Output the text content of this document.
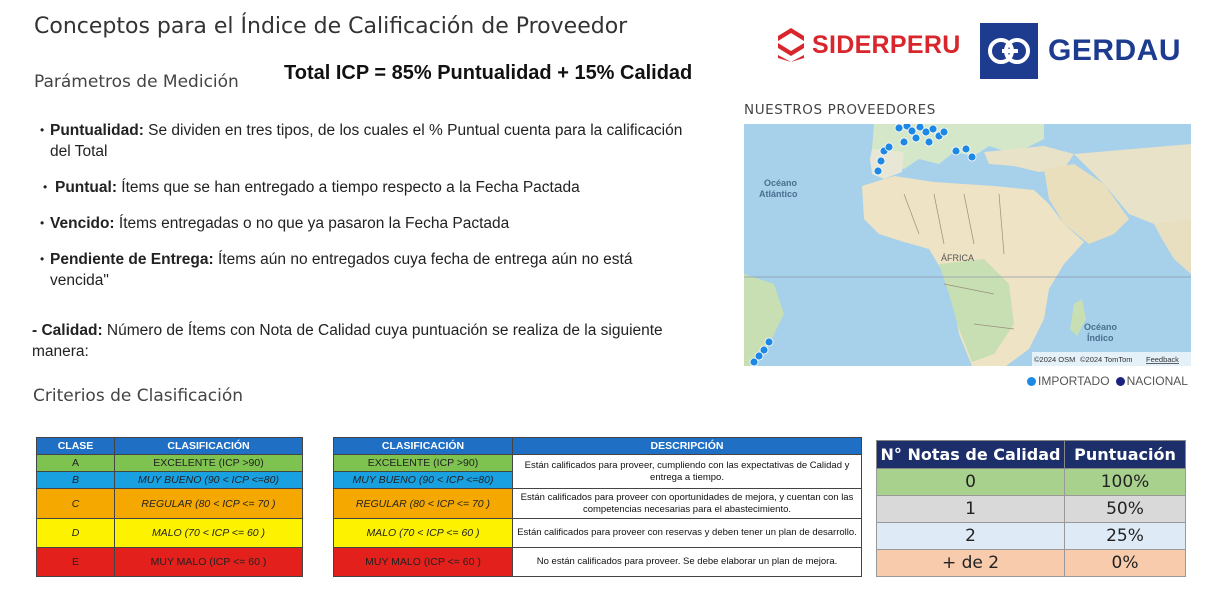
Conceptos para el Índice de Calificación de Proveedor
Parámetros de Medición Total ICP = 85% Puntualidad + 15% Calidad
SIDERPERU	GERDAU
• Puntualidad: Se dividen en tres tipos, de los cuales el % Puntual cuenta para la calificación del Total
• Puntual: Ítems que se han entregado a tiempo respecto a la Fecha Pactada
• Vencido: Ítems entregadas o no que ya pasaron la Fecha Pactada
• Pendiente de Entrega: Ítems aún no entregados cuya fecha de entrega aún no está vencida"
- Calidad: Número de Ítems con Nota de Calidad cuya puntuación se realiza de la siguiente manera:
Criterios de Clasificación
NUESTROS PROVEEDORES
Océano
Atlántico
Océano
Índico
ÁFRICA
©2024 OSM ©2024 TomTom Feedback
IMPORTADO	NACIONAL
CLASE	CLASIFICACIÓN
A	EXCELENTE (ICP >90)
B	MUY BUENO (90 < ICP <=80)
C	REGULAR (80 < ICP <= 70 )
D	MALO (70 < ICP <= 60 )
E	MUY MALO (ICP <= 60 )
CLASIFICACIÓN	DESCRIPCIÓN
EXCELENTE (ICP >90)	Están calificados para proveer, cumpliendo con las expectativas de Calidad y entrega a tiempo.
MUY BUENO (90 < ICP <=80)	
REGULAR (80 < ICP <= 70 )	Están calificados para proveer con oportunidades de mejora, y cuentan con las competencias necesarias para el abastecimiento.
MALO (70 < ICP <= 60 )	Están calificados para proveer con reservas y deben tener un plan de desarrollo.
MUY MALO (ICP <= 60 )	No están calificados para proveer. Se debe elaborar un plan de mejora.
N° Notas de Calidad	Puntuación
0	100%
1	50%
2	25%
+ de 2	0%
